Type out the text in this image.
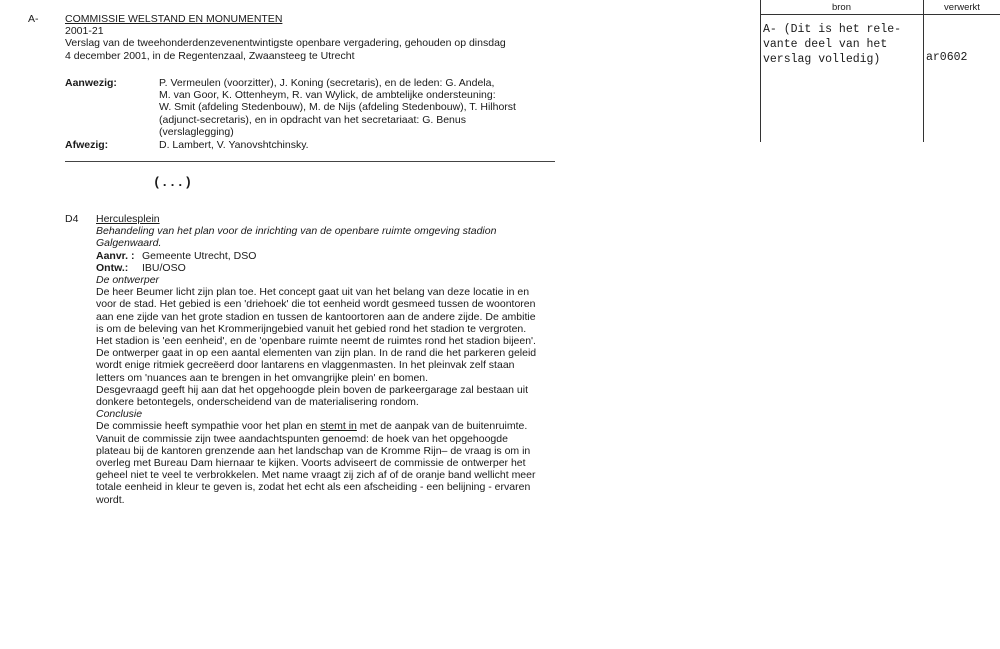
A-	COMMISSIE WELSTAND EN MONUMENTEN
2001-21
Verslag van de tweehonderdenzevenentwintigste openbare vergadering, gehouden op dinsdag
4 december 2001, in de Regentenzaal, Zwaansteeg te Utrecht
Aanwezig:	P. Vermeulen (voorzitter), J. Koning (secretaris), en de leden: G. Andela,
M. van Goor, K. Ottenheym, R. van Wylick, de ambtelijke ondersteuning:
W. Smit (afdeling Stedenbouw), M. de Nijs (afdeling Stedenbouw), T. Hilhorst
(adjunct-secretaris), en in opdracht van het secretariaat: G. Benus
(verslaglegging)
Afwezig:	D. Lambert, V. Yanovshtchinsky.
(...)
D4 Herculesplein
Behandeling van het plan voor de inrichting van de openbare ruimte omgeving stadion
Galgenwaard.
Aanvr. : Gemeente Utrecht, DSO
Ontw.: IBU/OSO
De ontwerper
De heer Beumer licht zijn plan toe. Het concept gaat uit van het belang van deze locatie in en
voor de stad. Het gebied is een 'driehoek' die tot eenheid wordt gesmeed tussen de woontoren
aan ene zijde van het grote stadion en tussen de kantoortoren aan de andere zijde. De ambitie
is om de beleving van het Krommerijngebied vanuit het gebied rond het stadion te vergroten.
Het stadion is 'een eenheid', en de 'openbare ruimte neemt de ruimtes rond het stadion bijeen'.
De ontwerper gaat in op een aantal elementen van zijn plan. In de rand die het parkeren geleid
wordt enige ritmiek gecreëerd door lantarens en vlaggenmasten. In het pleinvak zelf staan
letters om 'nuances aan te brengen in het omvangrijke plein' en bomen.
Desgevraagd geeft hij aan dat het opgehoogde plein boven de parkeergarage zal bestaan uit
donkere betontegels, onderscheidend van de materialisering rondom.
Conclusie
De commissie heeft sympathie voor het plan en stemt in met de aanpak van de buitenruimte.
Vanuit de commissie zijn twee aandachtspunten genoemd: de hoek van het opgehoogde
plateau bij de kantoren grenzende aan het landschap van de Kromme Rijn– de vraag is om in
overleg met Bureau Dam hiernaar te kijken. Voorts adviseert de commissie de ontwerper het
geheel niet te veel te verbrokkelen. Met name vraagt zij zich af of de oranje band wellicht meer
totale eenheid in kleur te geven is, zodat het echt als een afscheiding - een belijning - ervaren
wordt.
bron	verwerkt
A- (Dit is het rele-
vante deel van het
verslag volledig)	ar0602
